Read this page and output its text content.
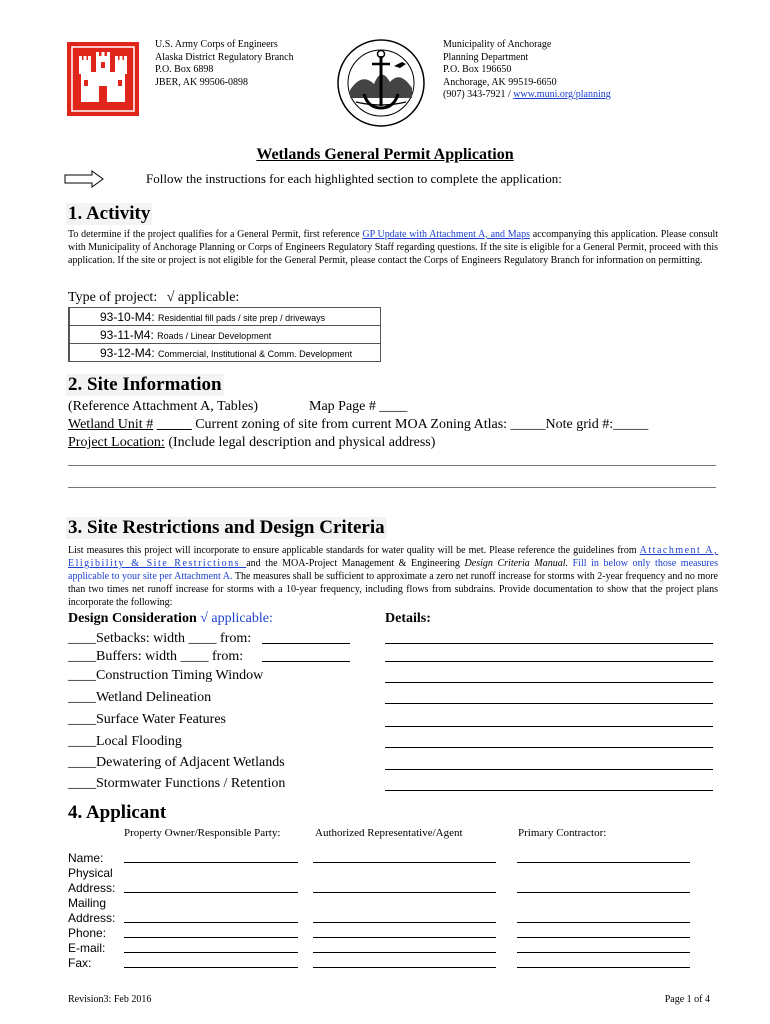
U.S. Army Corps of Engineers
Alaska District Regulatory Branch
P.O. Box 6898
JBER, AK 99506-0898
Municipality of Anchorage
Planning Department
P.O. Box 196650
Anchorage, AK 99519-6650
(907) 343-7921 / www.muni.org/planning
Wetlands General Permit Application
Follow the instructions for each highlighted section to complete the application:
1. Activity
To determine if the project qualifies for a General Permit, first reference GP Update with Attachment A, and Maps accompanying this application. Please consult with Municipality of Anchorage Planning or Corps of Engineers Regulatory Staff regarding questions. If the site is eligible for a General Permit, proceed with this application. If the site or project is not eligible for the General Permit, please contact the Corps of Engineers Regulatory Branch for information on permitting.
Type of project: √ applicable:
	93-10-M4: Residential fill pads / site prep / driveways
	93-11-M4: Roads / Linear Development
	93-12-M4: Commercial, Institutional & Comm. Development
2. Site Information
(Reference Attachment A, Tables)	Map Page # ____
Wetland Unit # _____ Current zoning of site from current MOA Zoning Atlas: _____Note grid #:_____
Project Location: (Include legal description and physical address)
3. Site Restrictions and Design Criteria
List measures this project will incorporate to ensure applicable standards for water quality will be met. Please reference the guidelines from Attachment A, Eligibility & Site Restrictions and the MOA-Project Management & Engineering Design Criteria Manual. Fill in below only those measures applicable to your site per Attachment A. The measures shall be sufficient to approximate a zero net runoff increase for storms with 2-year frequency and no more than two times net runoff increase for storms with a 10-year frequency, including flows from subdrains. Provide documentation to show that the project plans incorporate the following:
Design Consideration √ applicable:	Details:
____Setbacks: width ____ from:
____Buffers: width ____ from:
____Construction Timing Window
____Wetland Delineation
____Surface Water Features
____Local Flooding
____Dewatering of Adjacent Wetlands
____Stormwater Functions / Retention
4. Applicant
Property Owner/Responsible Party:	Authorized Representative/Agent	Primary Contractor:
Name:
Physical
Address:
Mailing
Address:
Phone:
E-mail:
Fax:
Revision3: Feb 2016	Page 1 of 4
